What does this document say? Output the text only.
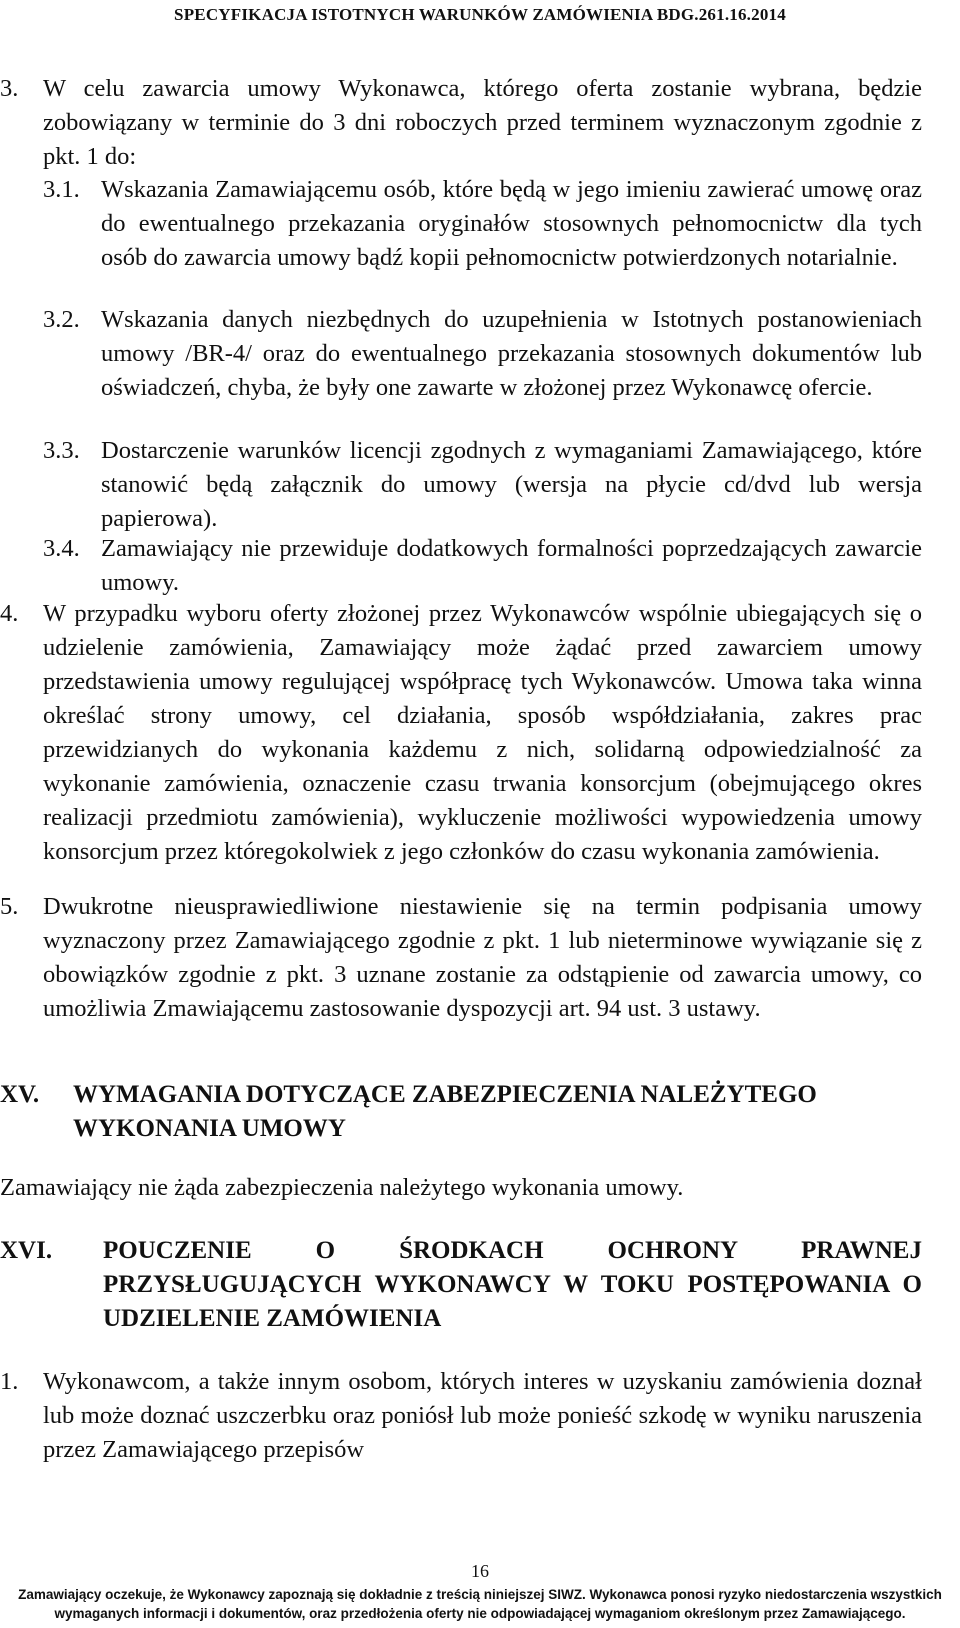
SPECYFIKACJA ISTOTNYCH WARUNKÓW ZAMÓWIENIA BDG.261.16.2014
3. W celu zawarcia umowy Wykonawca, którego oferta zostanie wybrana, będzie zobowiązany w terminie do 3 dni roboczych przed terminem wyznaczonym zgodnie z pkt. 1 do:
3.1. Wskazania Zamawiającemu osób, które będą w jego imieniu zawierać umowę oraz do ewentualnego przekazania oryginałów stosownych pełnomocnictw dla tych osób do zawarcia umowy bądź kopii pełnomocnictw potwierdzonych notarialnie.
3.2. Wskazania danych niezbędnych do uzupełnienia w Istotnych postanowieniach umowy /BR-4/ oraz do ewentualnego przekazania stosownych dokumentów lub oświadczeń, chyba, że były one zawarte w złożonej przez Wykonawcę ofercie.
3.3. Dostarczenie warunków licencji zgodnych z wymaganiami Zamawiającego, które stanowić będą załącznik do umowy (wersja na płycie cd/dvd lub wersja papierowa).
3.4. Zamawiający nie przewiduje dodatkowych formalności poprzedzających zawarcie umowy.
4. W przypadku wyboru oferty złożonej przez Wykonawców wspólnie ubiegających się o udzielenie zamówienia, Zamawiający może żądać przed zawarciem umowy przedstawienia umowy regulującej współpracę tych Wykonawców. Umowa taka winna określać strony umowy, cel działania, sposób współdziałania, zakres prac przewidzianych do wykonania każdemu z nich, solidarną odpowiedzialność za wykonanie zamówienia, oznaczenie czasu trwania konsorcjum (obejmującego okres realizacji przedmiotu zamówienia), wykluczenie możliwości wypowiedzenia umowy konsorcjum przez któregokolwiek z jego członków do czasu wykonania zamówienia.
5. Dwukrotne nieusprawiedliwione niestawienie się na termin podpisania umowy wyznaczony przez Zamawiającego zgodnie z pkt. 1 lub nieterminowe wywiązanie się z obowiązków zgodnie z pkt. 3 uznane zostanie za odstąpienie od zawarcia umowy, co umożliwia Zmawiającemu zastosowanie dyspozycji art. 94 ust. 3 ustawy.
XV. WYMAGANIA DOTYCZĄCE ZABEZPIECZENIA NALEŻYTEGO WYKONANIA UMOWY
Zamawiający nie żąda zabezpieczenia należytego wykonania umowy.
XVI. POUCZENIE O ŚRODKACH OCHRONY PRAWNEJ PRZYSŁUGUJĄCYCH WYKONAWCY W TOKU POSTĘPOWANIA O UDZIELENIE ZAMÓWIENIA
1. Wykonawcom, a także innym osobom, których interes w uzyskaniu zamówienia doznał lub może doznać uszczerbku oraz poniósł lub może ponieść szkodę w wyniku naruszenia przez Zamawiającego przepisów
16
Zamawiający oczekuje, że Wykonawcy zapoznają się dokładnie z treścią niniejszej SIWZ. Wykonawca ponosi ryzyko niedostarczenia wszystkich
wymaganych informacji i dokumentów, oraz przedłożenia oferty nie odpowiadającej wymaganiom określonym przez Zamawiającego.
